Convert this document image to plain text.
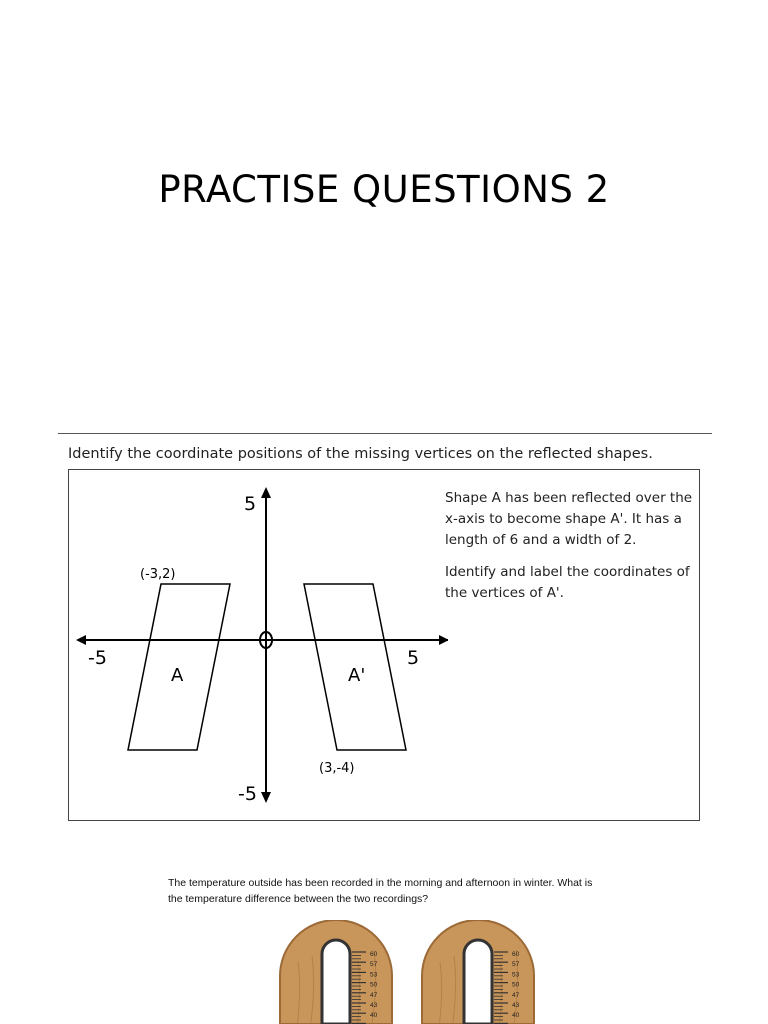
PRACTISE QUESTIONS 2
Identify the coordinate positions of the missing vertices on the reflected shapes.
5
-5
-5	5
A	A'
(-3,2)
(3,-4)
Shape A has been reflected over the x-axis to become shape A'. It has a length of 6 and a width of 2.
Identify and label the coordinates of the vertices of A'.
The temperature outside has been recorded in the morning and afternoon in winter. What is the temperature difference between the two recordings?
60
57
53
50
47
43
40
60
57
53
50
47
43
40
